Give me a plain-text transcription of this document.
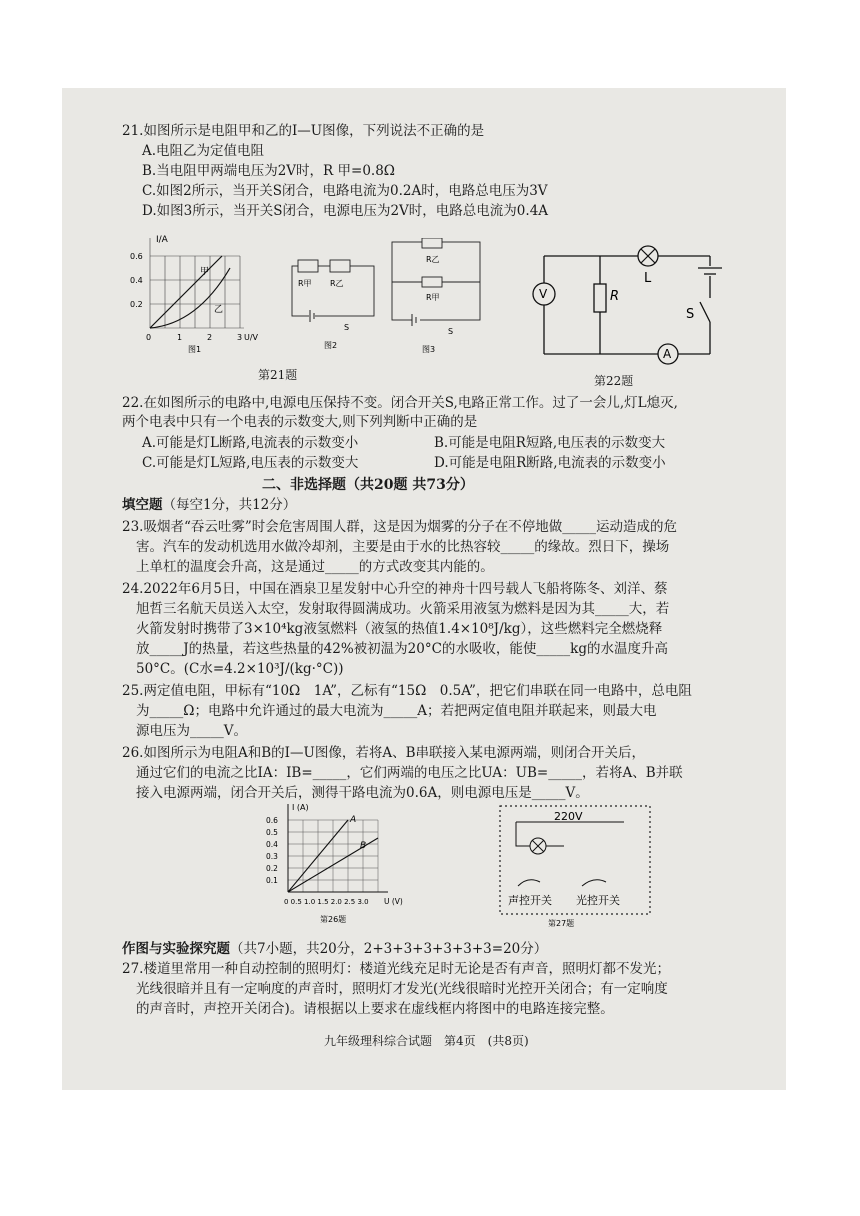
21.如图所示是电阻甲和乙的I—U图像，下列说法不正确的是
A.电阻乙为定值电阻
B.当电阻甲两端电压为2V时，R 甲=0.8Ω
C.如图2所示，当开关S闭合，电路电流为0.2A时，电路总电压为3V
D.如图3所示，当开关S闭合，电源电压为2V时，电路总电流为0.4A
I/A
0.6
0.4
0.2
0	1	2	3 U/V
甲
乙
图1
R甲 R乙
S
图2
R乙
R甲
S
图3
第21题
V	R
L
S
A
第22题
22.在如图所示的电路中,电源电压保持不变。闭合开关S,电路正常工作。过了一会儿,灯L熄灭,
两个电表中只有一个电表的示数变大,则下列判断中正确的是
A.可能是灯L断路,电流表的示数变小	B.可能是电阻R短路,电压表的示数变大
C.可能是灯L短路,电压表的示数变大	D.可能是电阻R断路,电流表的示数变小
二、非选择题（共20题 共73分）
填空题（每空1分，共12分）
23.吸烟者“吞云吐雾”时会危害周围人群，这是因为烟雾的分子在不停地做_____运动造成的危
害。汽车的发动机选用水做冷却剂，主要是由于水的比热容较_____的缘故。烈日下，操场
上单杠的温度会升高，这是通过_____的方式改变其内能的。
24.2022年6月5日，中国在酒泉卫星发射中心升空的神舟十四号载人飞船将陈冬、刘洋、蔡
旭哲三名航天员送入太空，发射取得圆满成功。火箭采用液氢为燃料是因为其_____大，若
火箭发射时携带了3×10⁴kg液氢燃料（液氢的热值1.4×10⁸J/kg），这些燃料完全燃烧释
放_____J的热量，若这些热量的42%被初温为20°C的水吸收，能使_____kg的水温度升高
50°C。(C水=4.2×10³J/(kg·°C))
25.两定值电阻，甲标有“10Ω　1A”，乙标有“15Ω　0.5A”，把它们串联在同一电路中，总电阻
为_____Ω；电路中允许通过的最大电流为_____A；若把两定值电阻并联起来，则最大电
源电压为_____V。
26.如图所示为电阻A和B的I—U图像，若将A、B串联接入某电源两端，则闭合开关后，
通过它们的电流之比IA：IB=_____，它们两端的电压之比UA：UB=_____，若将A、B并联
接入电源两端，闭合开关后，测得干路电流为0.6A，则电源电压是_____V。
I (A)
0.6
0.5
0.4
0.3
0.2
0.1
0 0.5 1.0 1.5 2.0 2.5 3.0 U (V)
A
B
第26题
220V
声控开关 光控开关
第27题
作图与实验探究题（共7小题，共20分，2+3+3+3+3+3+3=20分）
27.楼道里常用一种自动控制的照明灯：楼道光线充足时无论是否有声音，照明灯都不发光；
光线很暗并且有一定响度的声音时，照明灯才发光(光线很暗时光控开关闭合；有一定响度
的声音时，声控开关闭合)。请根据以上要求在虚线框内将图中的电路连接完整。
九年级理科综合试题　第4页　(共8页)
